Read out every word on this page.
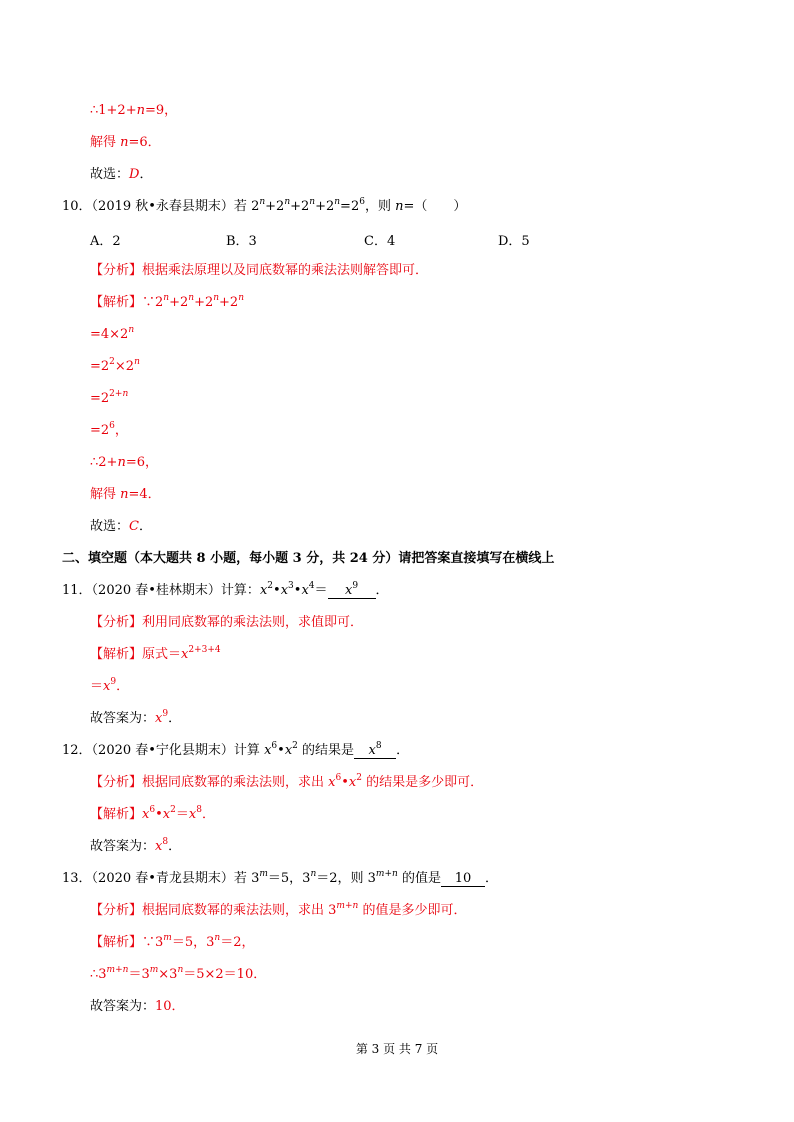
∴1+2+n=9，
解得 n=6．
故选：D．
10．（2019 秋•永春县期末）若 $2^n+2^n+2^n+2^n=2^6$，则 n=（　　）
A．2	B．3	C．4	D．5
【分析】根据乘法原理以及同底数幂的乘法法则解答即可．
【解析】$\because 2^n+2^n+2^n+2^n$
$=4\times 2^n$
$=2^2\times 2^n$
$=2^{2+n}$
$=2^6$，
∴2+n=6，
解得 n=4．
故选：C．
二、填空题（本大题共 8 小题，每小题 3 分，共 24 分）请把答案直接填写在横线上
11．（2020 春•桂林期末）计算：$x^2•x^3•x^4= x^9$ ．
【分析】利用同底数幂的乘法法则，求值即可．
【解析】原式$=x^{2+3+4}$
$=x^9$．
故答案为：$x^9$．
12．（2020 春•宁化县期末）计算 $x^6•x^2$ 的结果是 $x^8$ ．
【分析】根据同底数幂的乘法法则，求出 $x^6•x^2$ 的结果是多少即可．
【解析】$x^6•x^2=x^8$．
故答案为：$x^8$．
13．（2020 春•青龙县期末）若 $3^m=5$，$3^n=2$，则 $3^{m+n}$ 的值是 10 ．
【分析】根据同底数幂的乘法法则，求出 $3^{m+n}$ 的值是多少即可．
【解析】$\because 3^m=5$，$3^n=2$，
$\therefore 3^{m+n}=3^m\times 3^n=5\times 2=10$．
故答案为：10．
第 3 页 共 7 页
